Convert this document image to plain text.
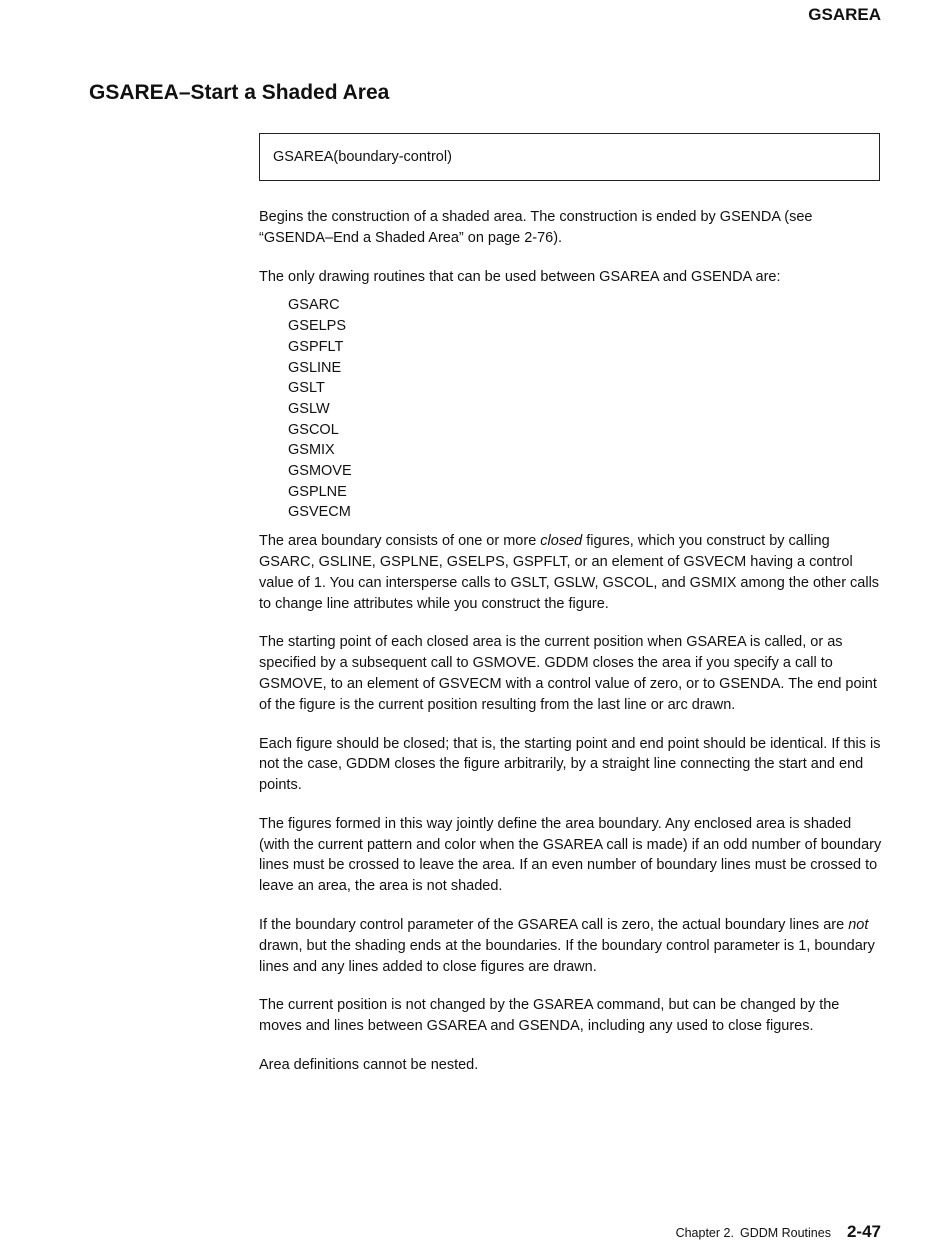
GSAREA
GSAREA–Start a Shaded Area
GSAREA(boundary-control)

Begins the construction of a shaded area. The construction is ended by GSENDA (see “GSENDA–End a Shaded Area” on page 2-76).

The only drawing routines that can be used between GSAREA and GSENDA are:

GSARC
GSELPS
GSPFLT
GSLINE
GSLT
GSLW
GSCOL
GSMIX
GSMOVE
GSPLNE
GSVECM

The area boundary consists of one or more closed figures, which you construct by calling GSARC, GSLINE, GSPLNE, GSELPS, GSPFLT, or an element of GSVECM having a control value of 1. You can intersperse calls to GSLT, GSLW, GSCOL, and GSMIX among the other calls to change line attributes while you construct the figure.

The starting point of each closed area is the current position when GSAREA is called, or as specified by a subsequent call to GSMOVE. GDDM closes the area if you specify a call to GSMOVE, to an element of GSVECM with a control value of zero, or to GSENDA. The end point of the figure is the current position resulting from the last line or arc drawn.

Each figure should be closed; that is, the starting point and end point should be identical. If this is not the case, GDDM closes the figure arbitrarily, by a straight line connecting the start and end points.

The figures formed in this way jointly define the area boundary. Any enclosed area is shaded (with the current pattern and color when the GSAREA call is made) if an odd number of boundary lines must be crossed to leave the area. If an even number of boundary lines must be crossed to leave an area, the area is not shaded.

If the boundary control parameter of the GSAREA call is zero, the actual boundary lines are not drawn, but the shading ends at the boundaries. If the boundary control parameter is 1, boundary lines and any lines added to close figures are drawn.

The current position is not changed by the GSAREA command, but can be changed by the moves and lines between GSAREA and GSENDA, including any used to close figures.

Area definitions cannot be nested.

Chapter 2. GDDM Routines 2-47
